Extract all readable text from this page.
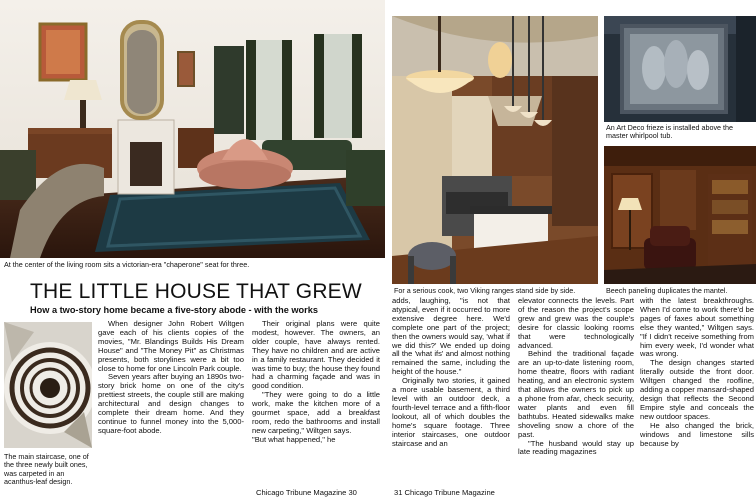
At the center of the living room sits a victorian-era "chaperone" seat for three.
THE LITTLE HOUSE THAT GREW
How a two-story home became a five-story abode - with the works
The main staircase, one of the three newly built ones, was carpeted in an acanthus-leaf design.

When designer John Robert Wiltgen gave each of his clients copies of the movies, "Mr. Blandings Builds His Dream House" and "The Money Pit" as Christmas presents, both storylines were a bit too close to home for one Lincoln Park couple.

Seven years after buying an 1890s two-story brick home on one of the city's prettiest streets, the couple still are making architectural and design changes to complete their dream home. And they continue to funnel money into the 5,000-square-foot abode.

Their original plans were quite modest, however. The owners, an older couple, have always rented. They have no children and are active in a family restaurant. They decided it was time to buy; the house they found had a charming façade and was in good condition.

"They were going to do a little work, make the kitchen more of a gourmet space, add a breakfast room, redo the bathrooms and install new carpeting," Wiltgen says.

"But what happened," he

Chicago Tribune Magazine 30
For a serious cook, two Viking ranges stand side by side.
An Art Deco frieze is installed above the master whirlpool tub.
Beech paneling duplicates the mantel.

adds, laughing, "is not that atypical, even if it occurred to more extensive degree here. We'd complete one part of the project; then the owners would say, 'what if we did this?' We ended up doing all the 'what ifs' and almost nothing remained the same, including the height of the house."

Originally two stories, it gained a more usable basement, a third level with an outdoor deck, a fourth-level terrace and a fifth-floor lookout, all of which doubles the home's square footage. Three interior staircases, one outdoor staircase and an

elevator connects the levels. Part of the reason the project's scope grew and grew was the couple's desire for classic looking rooms that were technologically advanced.

Behind the traditional façade are an up-to-date listening room, home theatre, floors with radiant heating, and an electronic system that allows the owners to pick up a phone from afar, check security, water plants and even fill bathtubs. Heated sidewalks make shoveling snow a chore of the past.

"The husband would stay up late reading magazines

with the latest breakthroughs. When I'd come to work there'd be pages of faxes about something else they wanted," Wiltgen says. "If I didn't receive something from him every week, I'd wonder what was wrong.

The design changes started literally outside the front door. Wiltgen changed the roofline, adding a copper mansard-shaped design that reflects the Second Empire style and conceals the new outdoor spaces.

He also changed the brick, windows and limestone sills because by

31 Chicago Tribune Magazine
